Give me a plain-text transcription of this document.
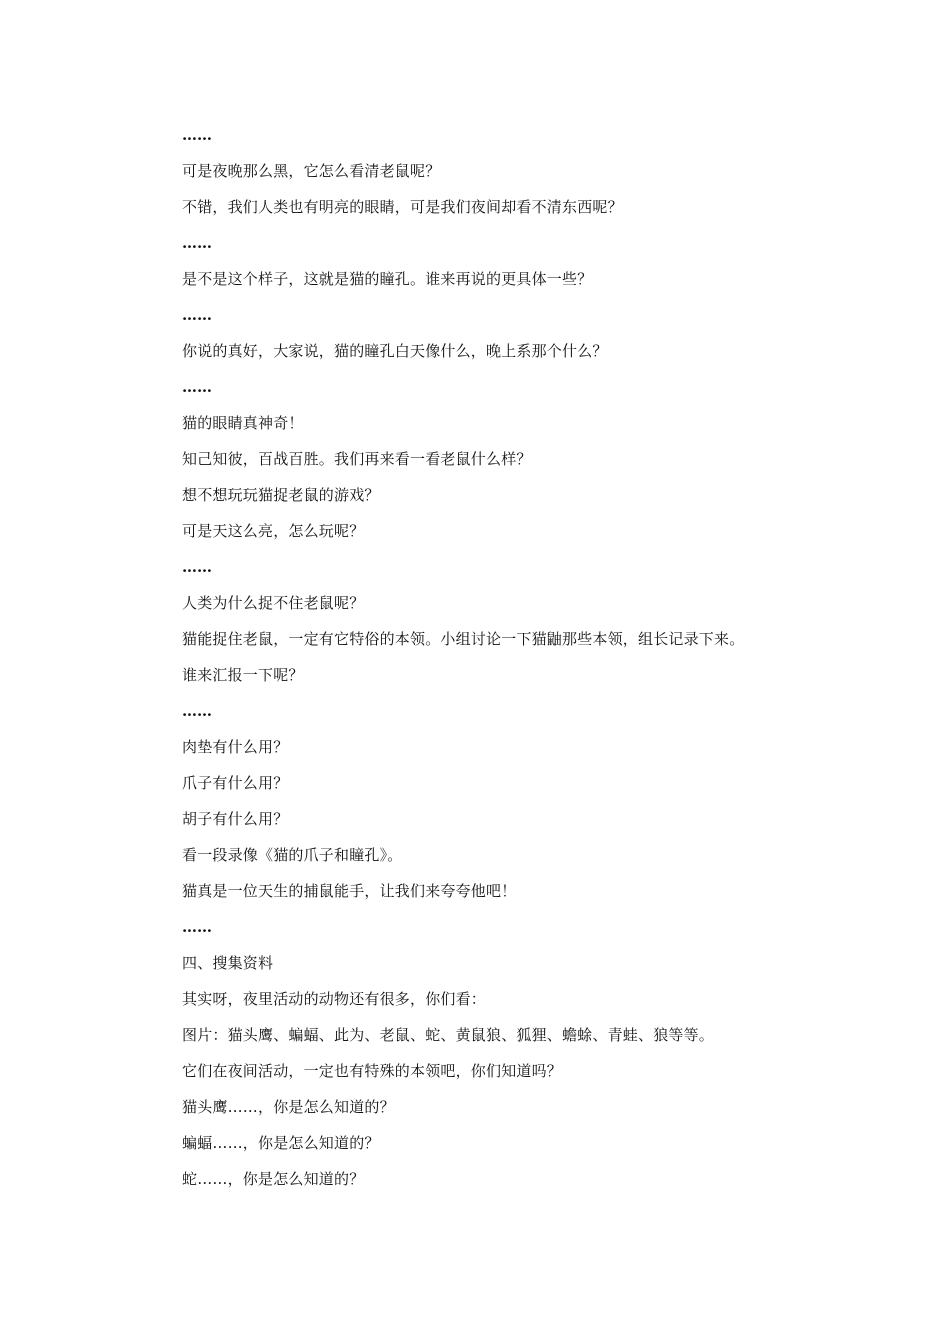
……
可是夜晚那么黑，它怎么看清老鼠呢？
不错，我们人类也有明亮的眼睛，可是我们夜间却看不清东西呢？
……
是不是这个样子，这就是猫的瞳孔。谁来再说的更具体一些？
……
你说的真好，大家说，猫的瞳孔白天像什么，晚上系那个什么？
……
猫的眼睛真神奇！
知己知彼，百战百胜。我们再来看一看老鼠什么样？
想不想玩玩猫捉老鼠的游戏？
可是天这么亮，怎么玩呢？
……
人类为什么捉不住老鼠呢？
猫能捉住老鼠，一定有它特俗的本领。小组讨论一下猫鼬那些本领，组长记录下来。
谁来汇报一下呢？
……
肉垫有什么用？
爪子有什么用？
胡子有什么用？
看一段录像《猫的爪子和瞳孔》。
猫真是一位天生的捕鼠能手，让我们来夸夸他吧！
……
四、搜集资料
其实呀，夜里活动的动物还有很多，你们看：
图片：猫头鹰、蝙蝠、此为、老鼠、蛇、黄鼠狼、狐狸、蟾蜍、青蛙、狼等等。
它们在夜间活动，一定也有特殊的本领吧，你们知道吗？
猫头鹰……，你是怎么知道的？
蝙蝠……，你是怎么知道的？
蛇……，你是怎么知道的？
